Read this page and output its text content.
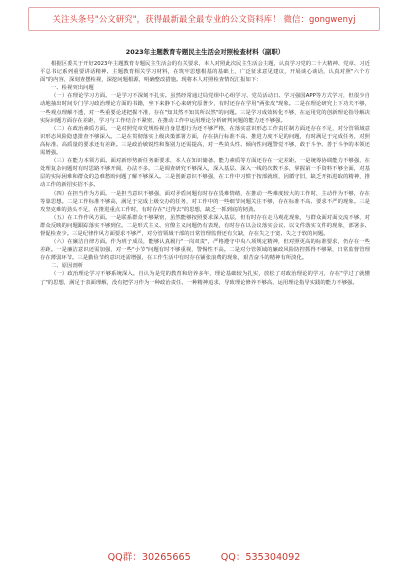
关注头条号"公文研究"，获得最新最全最专业的公文资料库！ 微信：gongwenyj
2023年主题教育专题民主生活会对照检查材料（副职）

根据区委关于开好2023年主题教育专题民主生活会的有关要求，本人对照此次民主生活会主题，认真学习党的二十大精神、党章、习近平总书记系列重要讲话精神、主题教育相关学习材料，在筑牢思想根基的基础上，广泛征求意见建议，开展谈心谈话，认真对照"六个方面"的内容，深刻查摆检视，深挖问题根源，明确整改措施。现将本人对照检查情况汇报如下：

一、检视突出问题

（一）在理论学习方面。一是学习不深刻不扎实。虽然经常通过局党组中心组学习、党员活动日、学习强国APP等方式学习，但很少自动地抽出时间专门学习政治理论方面的书籍，坐下来静下心来研究原著少，有时还存在学用"两张皮"现象。二是在理论研究上下功夫不够，一些观点理解不透，对一些重要论述把握不准，存在"知其然不知其所以然"的问题。三是学习成效转化不够，在运用党的创新理论指导解决实际问题方面存在差距，学习与工作结合不紧密，在推动工作中运用理论分析研判问题的能力还不够强。

（二）在政治素质方面。一是对照党章党规检视自身思想行为还不够严格，在落实意识形态工作责任制方面还存在不足，对分管领域意识形态风险隐患排查不够深入。二是在贯彻落实上级决策部署方面，存在执行标准不高、推进力度不足的问题，有时满足于完成任务，对照高标准、高质量的要求还有差距。三是政治敏锐性和鉴别力还需提高，对一些苗头性、倾向性问题警觉不够，敢于斗争、善于斗争的本领还需增强。

（三）在能力本领方面。面对新形势新任务新要求，本人在知识储备、能力素质等方面还存在一定差距。一是统筹协调能力不够强，在处理复杂问题时有时思路不够开阔，办法不多。二是调查研究不够深入，深入基层、深入一线的次数不多，掌握第一手资料不够全面，对基层的实际困难和群众的急难愁盼问题了解不够深入。三是创新意识不够强，在工作中习惯于按部就班，因循守旧，缺乏开拓进取的精神，推动工作的新招实招不多。

（四）在担当作为方面。一是担当意识不够强，面对矛盾问题有时存在畏难情绪，在推动一些难度较大的工作时，主动作为不够，存在等靠思想。二是工作标准不够高，满足于完成上级交办的任务，对工作中的一些细节问题关注不够，存在标准不高、要求不严的现象。三是攻坚克难的劲头不足，在推进重点工作时，有时存在"过得去"的思想，缺乏一抓到底的韧劲。

（五）在工作作风方面。一是联系群众不够紧密，虽然能够按照要求深入基层，但有时存在走马观花现象，与群众面对面交流不够，对群众反映的问题跟踪落实不够到位。二是形式主义、官僚主义问题仍有表现，有时存在以会议落实会议、以文件落实文件的现象，部署多、督促检查少。三是纪律作风方面要求不够严，对分管领域干部的日常管理监督还有欠缺，存在失之于宽、失之于软的问题。

（六）在廉洁自律方面。作为班子成员，能够认真履行"一岗双责"，严格遵守中央八项规定精神，但对照更高的标准要求，仍存在一些差距。一是廉洁意识还需加强，对一些"小节"问题有时不够重视，警惕性不高。二是对分管领域的廉政风险防控抓得不够紧，日常监督管理存在薄弱环节。三是勤俭节约意识还需增强，在工作生活中有时存在铺张浪费的现象，艰苦奋斗的精神有所淡化。

二、原因剖析

（一）政治理论学习不够系统深入。自认为是党的教育和培养多年，理论基础较为扎实，放松了对政治理论的学习，存在"学过了就懂了"的思想，满足于表面理解，没有把学习作为一种政治责任、一种精神追求，导致理论修养不够高，运用理论指导实践的能力不够强。

QQ群：30265665	QQ：535304092
